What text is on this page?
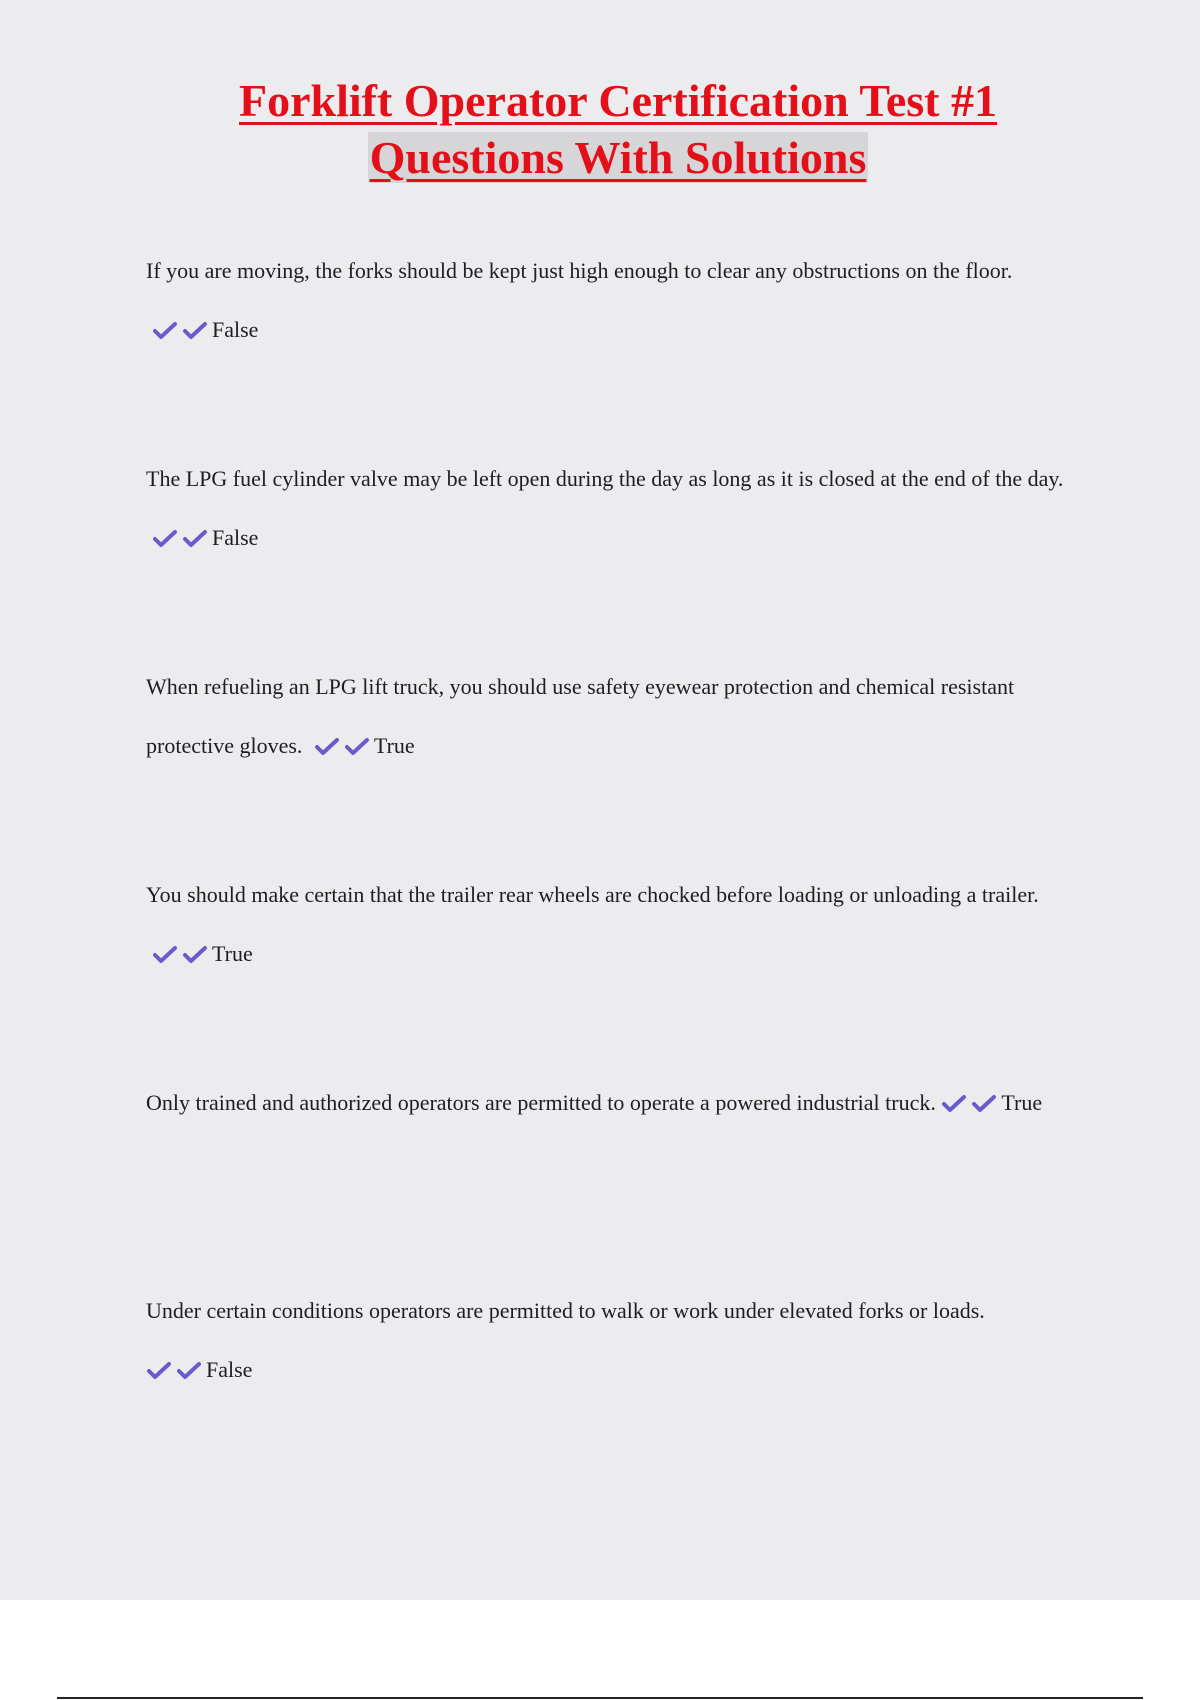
Forklift Operator Certification Test #1
Questions With Solutions
If you are moving, the forks should be kept just high enough to clear any obstructions on the floor. False
The LPG fuel cylinder valve may be left open during the day as long as it is closed at the end of the day. False
When refueling an LPG lift truck, you should use safety eyewear protection and chemical resistant protective gloves.	True
You should make certain that the trailer rear wheels are chocked before loading or unloading a trailer. True
Only trained and authorized operators are permitted to operate a powered industrial truck.	True
Under certain conditions operators are permitted to walk or work under elevated forks or loads. False
